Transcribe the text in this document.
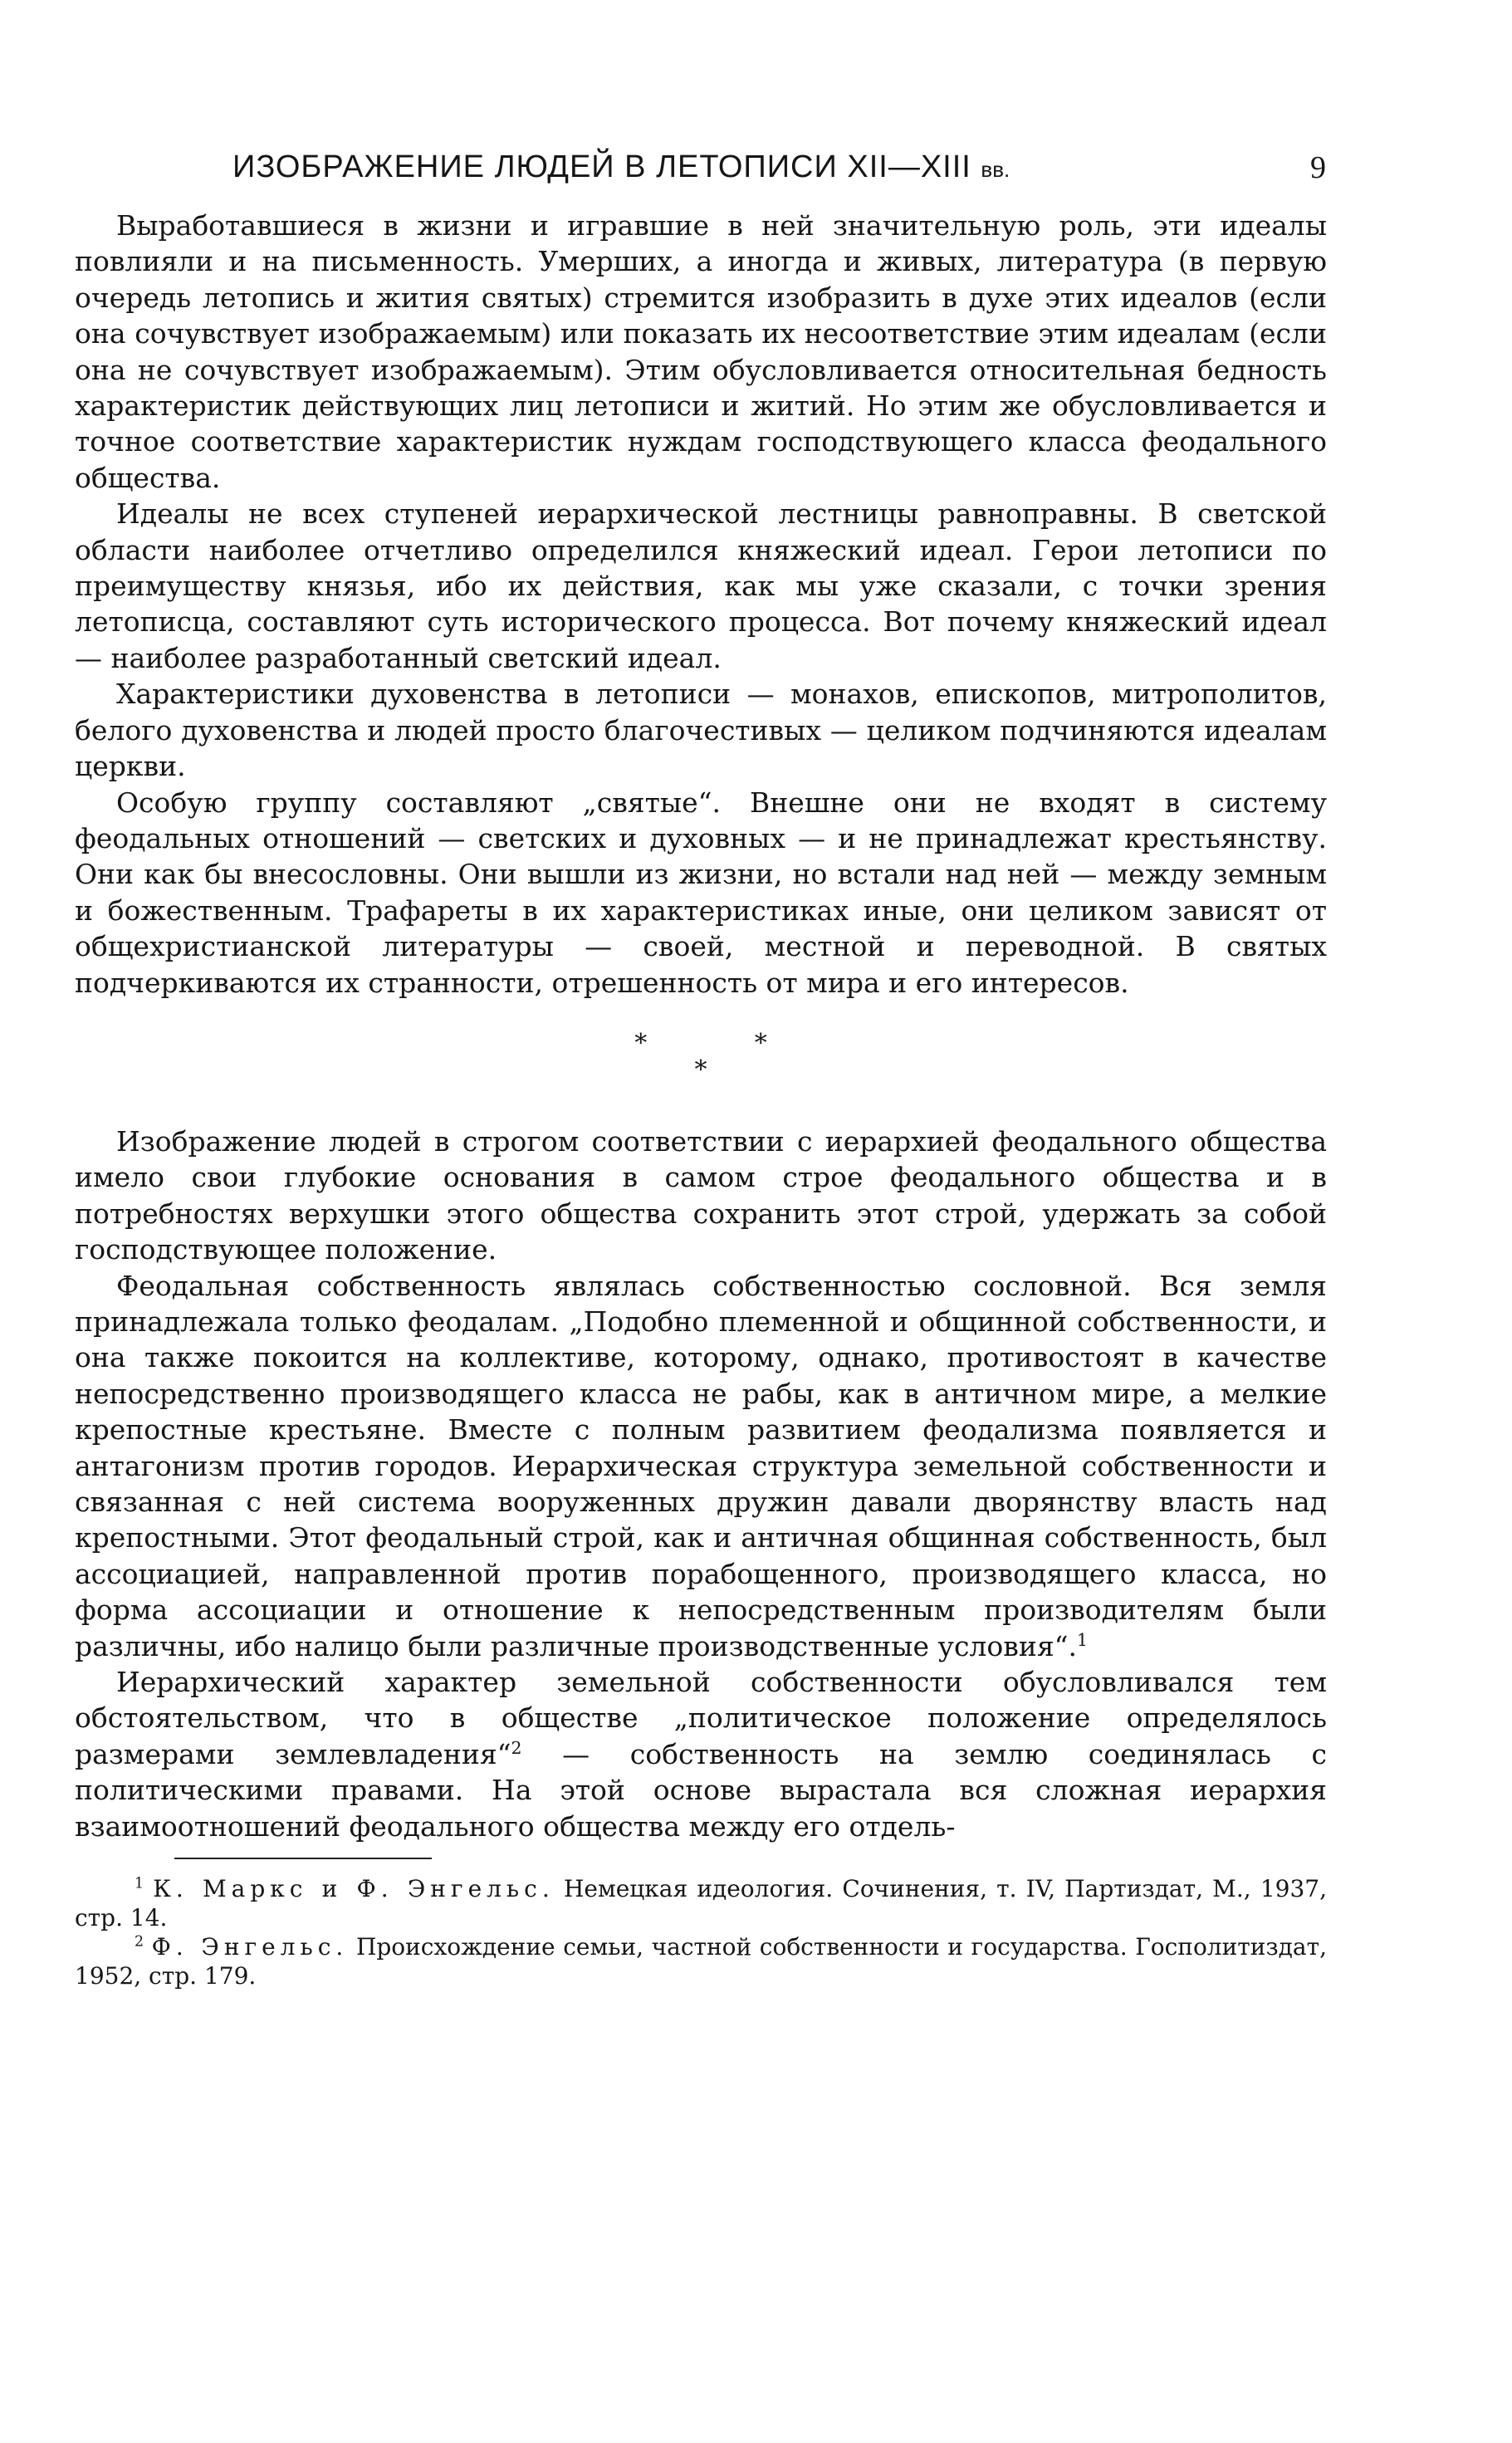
ИЗОБРАЖЕНИЕ ЛЮДЕЙ В ЛЕТОПИСИ XII—XIII вв.	9

Выработавшиеся в жизни и игравшие в ней значительную роль, эти идеалы повлияли и на письменность. Умерших, а иногда и живых, литература (в первую очередь летопись и жития святых) стремится изобразить в духе этих идеалов (если она сочувствует изображаемым) или показать их несоответствие этим идеалам (если она не сочувствует изображаемым). Этим обусловливается относительная бедность характеристик действующих лиц летописи и житий. Но этим же обусловливается и точное соответствие характеристик нуждам господствующего класса феодального общества.

Идеалы не всех ступеней иерархической лестницы равноправны. В светской области наиболее отчетливо определился княжеский идеал. Герои летописи по преимуществу князья, ибо их действия, как мы уже сказали, с точки зрения летописца, составляют суть исторического процесса. Вот почему княжеский идеал — наиболее разработанный светский идеал.

Характеристики духовенства в летописи — монахов, епископов, митрополитов, белого духовенства и людей просто благочестивых — целиком подчиняются идеалам церкви.

Особую группу составляют „святые“. Внешне они не входят в систему феодальных отношений — светских и духовных — и не принадлежат крестьянству. Они как бы внесословны. Они вышли из жизни, но встали над ней — между земным и божественным. Трафареты в их характеристиках иные, они целиком зависят от общехристианской литературы — своей, местной и переводной. В святых подчеркиваются их странности, отрешенность от мира и его интересов.

* *
*

Изображение людей в строгом соответствии с иерархией феодального общества имело свои глубокие основания в самом строе феодального общества и в потребностях верхушки этого общества сохранить этот строй, удержать за собой господствующее положение.

Феодальная собственность являлась собственностью сословной. Вся земля принадлежала только феодалам. „Подобно племенной и общинной собственности, и она также покоится на коллективе, которому, однако, противостоят в качестве непосредственно производящего класса не рабы, как в античном мире, а мелкие крепостные крестьяне. Вместе с полным развитием феодализма появляется и антагонизм против городов. Иерархическая структура земельной собственности и связанная с ней система вооруженных дружин давали дворянству власть над крепостными. Этот феодальный строй, как и античная общинная собственность, был ассоциацией, направленной против порабощенного, производящего класса, но форма ассоциации и отношение к непосредственным производителям были различны, ибо налицо были различные производственные условия“.$^1$

Иерархический характер земельной собственности обусловливался тем обстоятельством, что в обществе „политическое положение определялось размерами землевладения“$^2$ — собственность на землю соединялась с политическими правами. На этой основе вырастала вся сложная иерархия взаимоотношений феодального общества между его отдель-

$^1$ К. Маркс и Ф. Энгельс. Немецкая идеология. Сочинения, т. IV, Партиздат, М., 1937, стр. 14.

$^2$ Ф. Энгельс. Происхождение семьи, частной собственности и государства. Госполитиздат, 1952, стр. 179.
